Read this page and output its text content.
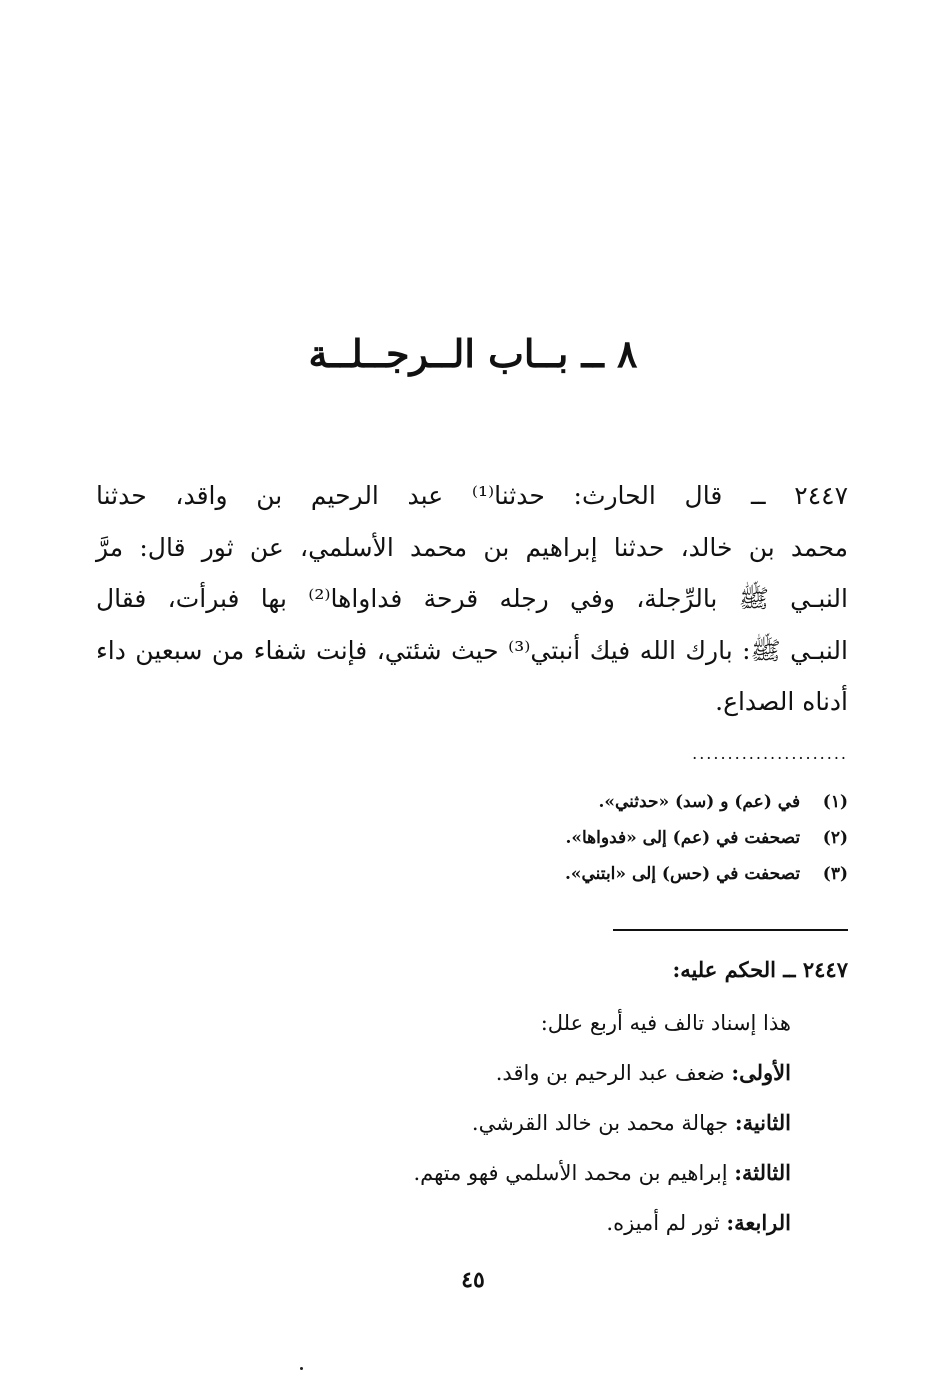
٨ ــ بــاب الــرجــلــة
٢٤٤٧ ــ قال الحارث: حدثنا⁽¹⁾ عبد الرحيم بن واقد، حدثنا
محمد بن خالد، حدثنا إبراهيم بن محمد الأسلمي، عن ثور قال: مرَّ
النبـي ﷺ بالرِّجلة، وفي رجله قرحة فداواها⁽²⁾ بها فبرأت، فقال
النبـي ﷺ: بارك الله فيك أنبتي⁽³⁾ حيث شئتي، فإنت شفاء من سبعين داء
أدناه الصداع.
......................
(١) في (عم) و (سد) «حدثني».
(٢) تصحفت في (عم) إلى «فدواها».
(٣) تصحفت في (حس) إلى «ابتني».
٢٤٤٧ ــ الحكم عليه:
هذا إسناد تالف فيه أربع علل:
الأولى: ضعف عبد الرحيم بن واقد.
الثانية: جهالة محمد بن خالد القرشي.
الثالثة: إبراهيم بن محمد الأسلمي فهو متهم.
الرابعة: ثور لم أميزه.
٤٥
